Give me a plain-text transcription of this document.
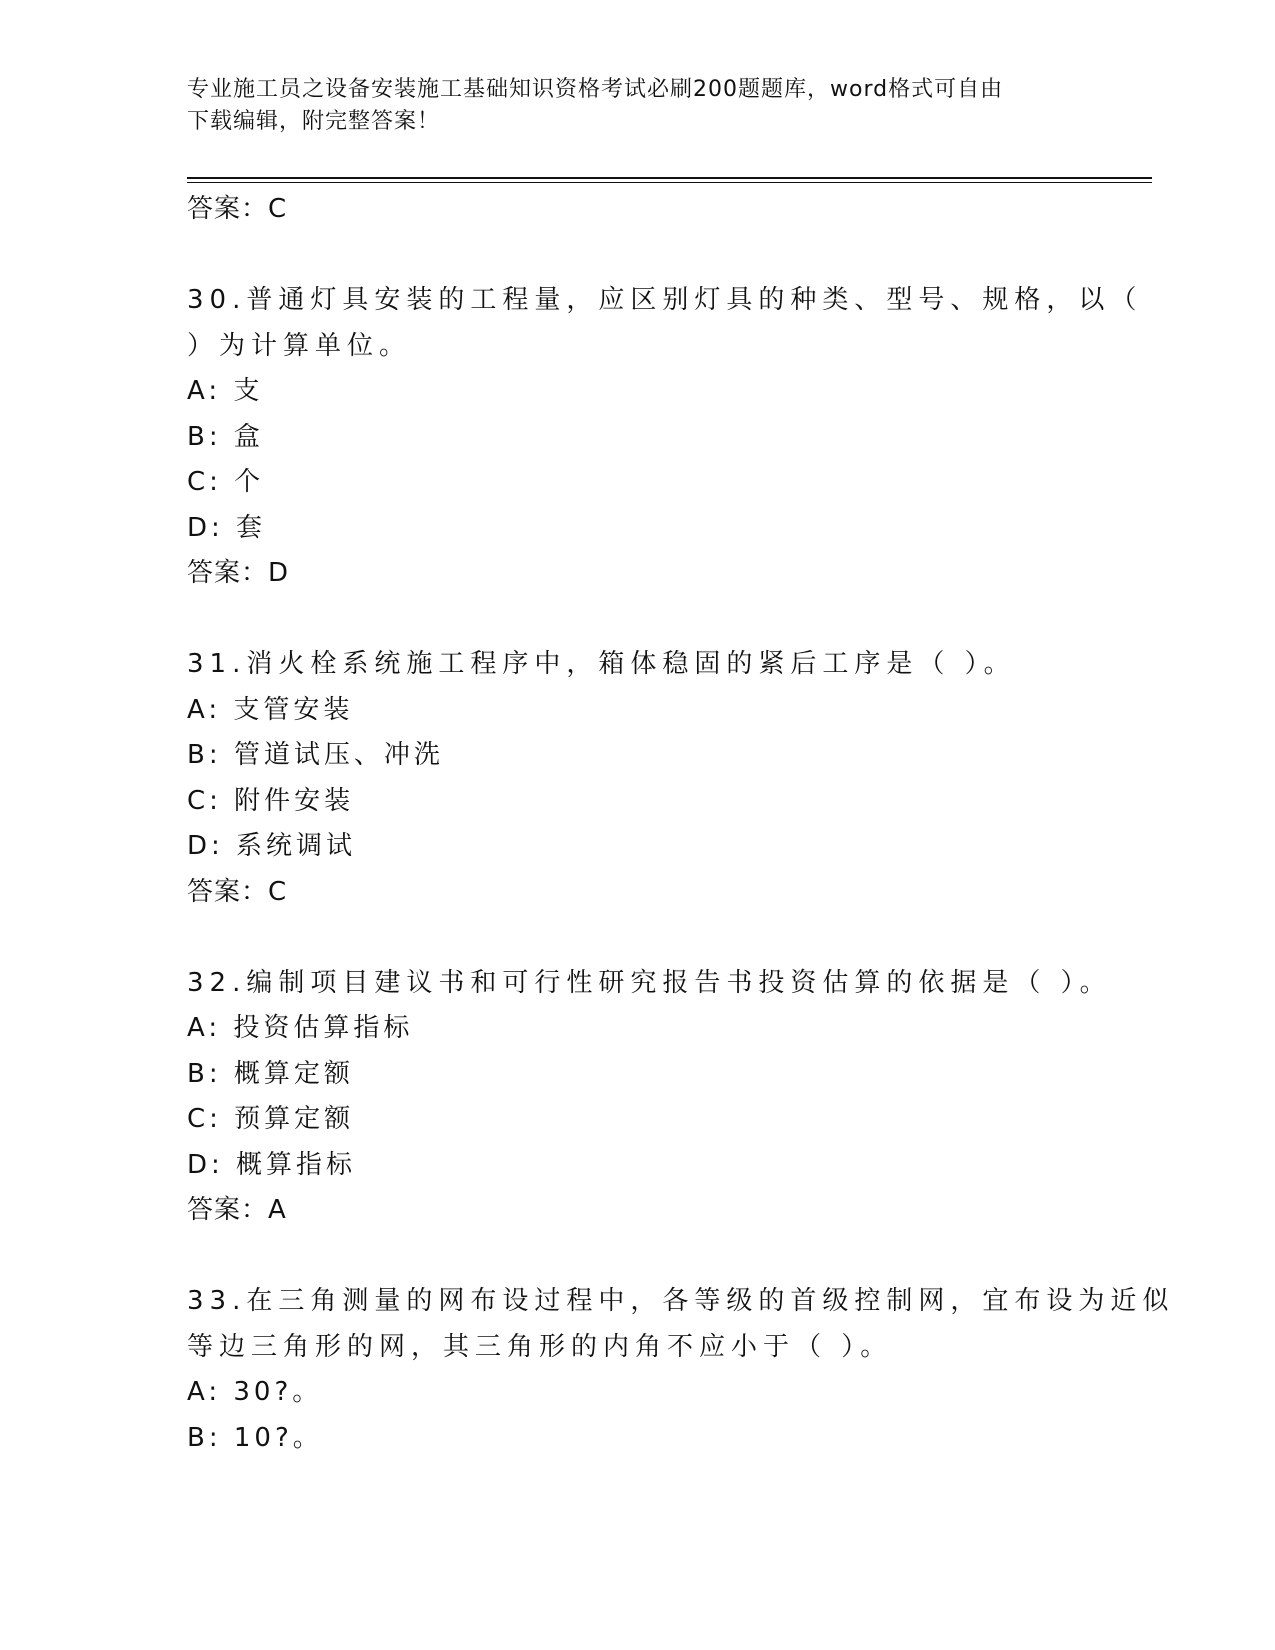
专业施工员之设备安装施工基础知识资格考试必刷200题题库，word格式可自由
下载编辑，附完整答案！
答案：C
30.普通灯具安装的工程量，应区别灯具的种类、型号、规格，以（
）为计算单位。
A: 支
B: 盒
C: 个
D: 套
答案：D
31.消火栓系统施工程序中，箱体稳固的紧后工序是（ ）。
A: 支管安装
B: 管道试压、冲洗
C: 附件安装
D: 系统调试
答案：C
32.编制项目建议书和可行性研究报告书投资估算的依据是（ ）。
A: 投资估算指标
B: 概算定额
C: 预算定额
D: 概算指标
答案：A
33.在三角测量的网布设过程中，各等级的首级控制网，宜布设为近似
等边三角形的网，其三角形的内角不应小于（ ）。
A: 30?。
B: 10?。
